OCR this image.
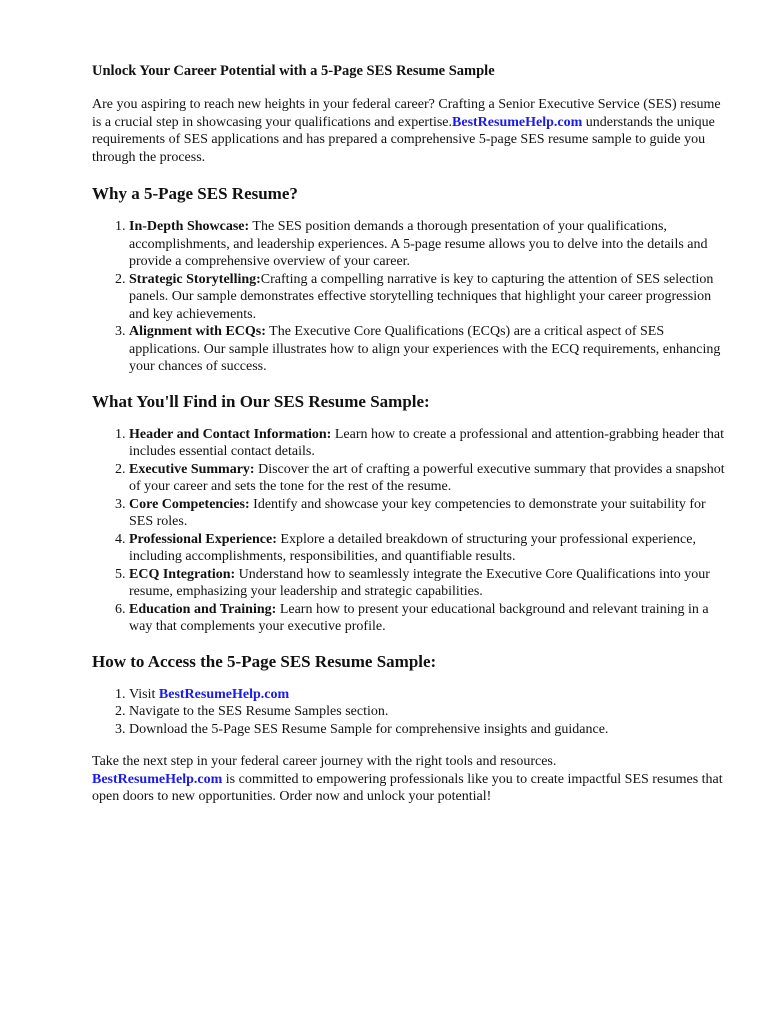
Unlock Your Career Potential with a 5-Page SES Resume Sample

Are you aspiring to reach new heights in your federal career? Crafting a Senior Executive Service (SES) resume is a crucial step in showcasing your qualifications and expertise.BestResumeHelp.com understands the unique requirements of SES applications and has prepared a comprehensive 5-page SES resume sample to guide you through the process.

Why a 5-Page SES Resume?
1. In-Depth Showcase: The SES position demands a thorough presentation of your qualifications, accomplishments, and leadership experiences. A 5-page resume allows you to delve into the details and provide a comprehensive overview of your career.
2. Strategic Storytelling:Crafting a compelling narrative is key to capturing the attention of SES selection panels. Our sample demonstrates effective storytelling techniques that highlight your career progression and key achievements.
3. Alignment with ECQs: The Executive Core Qualifications (ECQs) are a critical aspect of SES applications. Our sample illustrates how to align your experiences with the ECQ requirements, enhancing your chances of success.
What You'll Find in Our SES Resume Sample:
1. Header and Contact Information: Learn how to create a professional and attention-grabbing header that includes essential contact details.
2. Executive Summary: Discover the art of crafting a powerful executive summary that provides a snapshot of your career and sets the tone for the rest of the resume.
3. Core Competencies: Identify and showcase your key competencies to demonstrate your suitability for SES roles.
4. Professional Experience: Explore a detailed breakdown of structuring your professional experience, including accomplishments, responsibilities, and quantifiable results.
5. ECQ Integration: Understand how to seamlessly integrate the Executive Core Qualifications into your resume, emphasizing your leadership and strategic capabilities.
6. Education and Training: Learn how to present your educational background and relevant training in a way that complements your executive profile.
How to Access the 5-Page SES Resume Sample:
1. Visit BestResumeHelp.com
2. Navigate to the SES Resume Samples section.
3. Download the 5-Page SES Resume Sample for comprehensive insights and guidance.

Take the next step in your federal career journey with the right tools and resources.
BestResumeHelp.com is committed to empowering professionals like you to create impactful SES resumes that open doors to new opportunities. Order now and unlock your potential!
